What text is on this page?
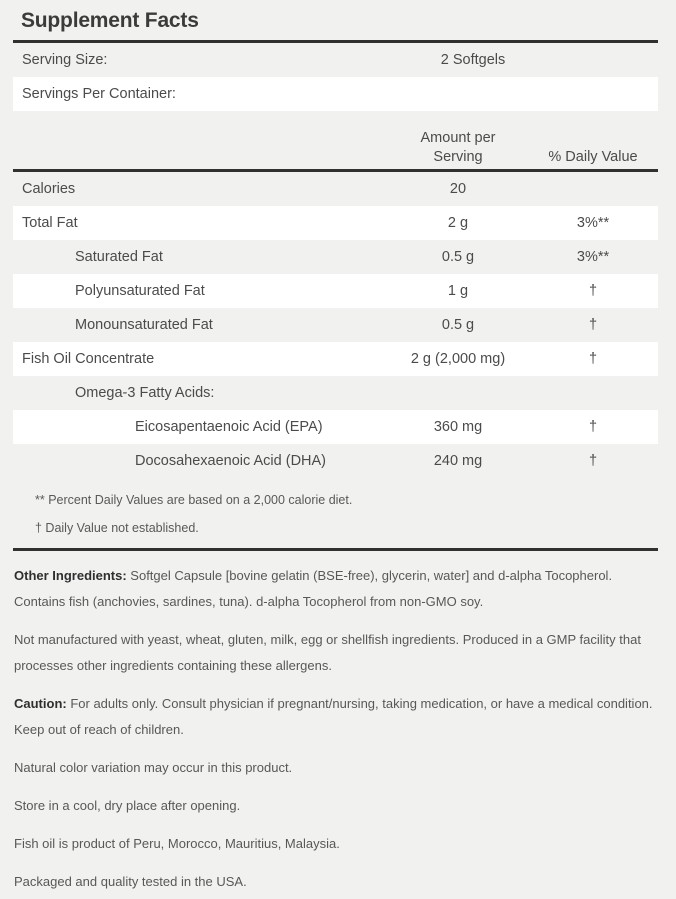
Supplement Facts
Serving Size:	2 Softgels
Servings Per Container:
Amount per
Serving	% Daily Value
Calories	20
Total Fat	2 g	3%**
Saturated Fat	0.5 g	3%**
Polyunsaturated Fat	1 g	†
Monounsaturated Fat	0.5 g	†
Fish Oil Concentrate	2 g (2,000 mg)	†
Omega-3 Fatty Acids:
Eicosapentaenoic Acid (EPA)	360 mg	†
Docosahexaenoic Acid (DHA)	240 mg	†
** Percent Daily Values are based on a 2,000 calorie diet.
† Daily Value not established.

Other Ingredients: Softgel Capsule [bovine gelatin (BSE-free), glycerin, water] and d-alpha Tocopherol. Contains fish (anchovies, sardines, tuna). d-alpha Tocopherol from non-GMO soy.

Not manufactured with yeast, wheat, gluten, milk, egg or shellfish ingredients. Produced in a GMP facility that processes other ingredients containing these allergens.

Caution: For adults only. Consult physician if pregnant/nursing, taking medication, or have a medical condition. Keep out of reach of children.

Natural color variation may occur in this product.

Store in a cool, dry place after opening.

Fish oil is product of Peru, Morocco, Mauritius, Malaysia.

Packaged and quality tested in the USA.
